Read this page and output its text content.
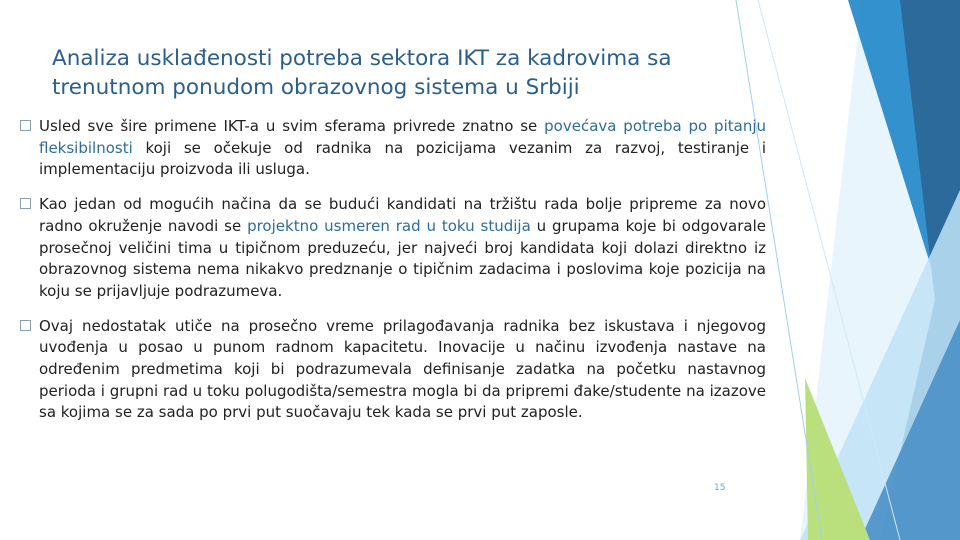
Analiza usklađenosti potreba sektora IKT za kadrovima sa trenutnom ponudom obrazovnog sistema u Srbiji
Usled sve šire primene IKT-a u svim sferama privrede znatno se povećava potreba po pitanju fleksibilnosti koji se očekuje od radnika na pozicijama vezanim za razvoj, testiranje i implementaciju proizvoda ili usluga.
Kao jedan od mogućih načina da se budući kandidati na tržištu rada bolje pripreme za novo radno okruženje navodi se projektno usmeren rad u toku studija u grupama koje bi odgovarale prosečnoj veličini tima u tipičnom preduzeću, jer najveći broj kandidata koji dolazi direktno iz obrazovnog sistema nema nikakvo predznanje o tipičnim zadacima i poslovima koje pozicija na koju se prijavljuje podrazumeva.
Ovaj nedostatak utiče na prosečno vreme prilagođavanja radnika bez iskustava i njegovog uvođenja u posao u punom radnom kapacitetu. Inovacije u načinu izvođenja nastave na određenim predmetima koji bi podrazumevala definisanje zadatka na početku nastavnog perioda i grupni rad u toku polugodišta/semestra mogla bi da pripremi đake/studente na izazove sa kojima se za sada po prvi put suočavaju tek kada se prvi put zaposle.
15
